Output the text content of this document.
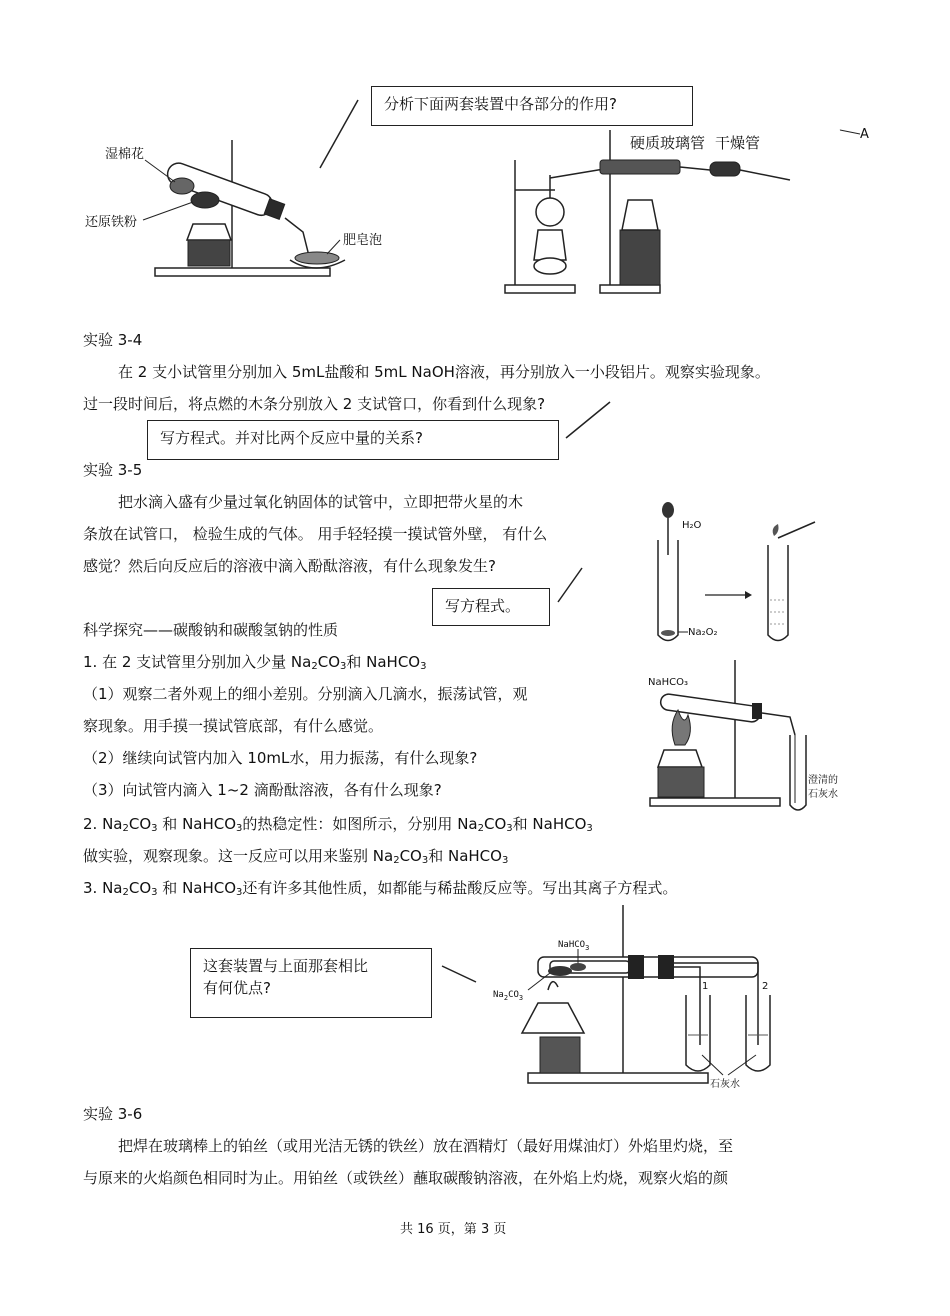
分析下面两套装置中各部分的作用?
湿棉花
还原铁粉
肥皂泡
硬质玻璃管 干燥管	A
实验 3-4
在 2 支小试管里分别加入 5mL盐酸和 5mL NaOH溶液，再分别放入一小段铝片。观察实验现象。
过一段时间后，将点燃的木条分别放入 2 支试管口，你看到什么现象?
写方程式。并对比两个反应中量的关系?
实验 3-5
把水滴入盛有少量过氧化钠固体的试管中，立即把带火星的木
条放在试管口， 检验生成的气体。 用手轻轻摸一摸试管外壁， 有什么
感觉？然后向反应后的溶液中滴入酚酞溶液，有什么现象发生?
写方程式。
H₂O
Na₂O₂
科学探究——碳酸钠和碳酸氢钠的性质
1. 在 2 支试管里分别加入少量 $Na_2CO_3$和 NaHCO$_3$
（1）观察二者外观上的细小差别。分别滴入几滴水，振荡试管，观
察现象。用手摸一摸试管底部，有什么感觉。
（2）继续向试管内加入 10mL水，用力振荡，有什么现象?
（3）向试管内滴入 1~2 滴酚酞溶液，各有什么现象?
2. $Na_2CO_3$ 和 NaHCO$_3$的热稳定性：如图所示，分别用 $Na_2CO_3$和 NaHCO$_3$
做实验，观察现象。这一反应可以用来鉴别 $Na_2CO_3$和 NaHCO$_3$
3. $Na_2CO_3$ 和 NaHCO$_3$还有许多其他性质，如都能与稀盐酸反应等。写出其离子方程式。
NaHCO₃
澄清的
石灰水
这套装置与上面那套相比
有何优点?
NaHCO$_3$
$Na_2CO_3$
1	2
石灰水
实验 3-6
把焊在玻璃棒上的铂丝（或用光洁无锈的铁丝）放在酒精灯（最好用煤油灯）外焰里灼烧，至
与原来的火焰颜色相同时为止。用铂丝（或铁丝）蘸取碳酸钠溶液，在外焰上灼烧，观察火焰的颜
共 16 页，第 3 页
